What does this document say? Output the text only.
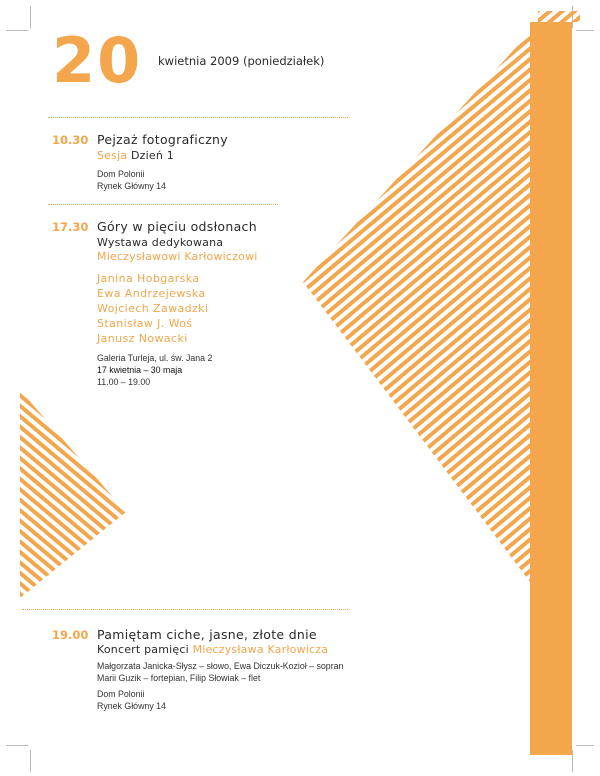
20 kwietnia 2009 (poniedziałek)
10.30 Pejzaż fotograficzny
Sesja Dzień 1
Dom Polonii
Rynek Główny 14
17.30 Góry w pięciu odsłonach
Wystawa dedykowana
Mieczysławowi Karłowiczowi
Janina Hobgarska
Ewa Andrzejewska
Wojciech Zawadzki
Stanisław J. Woś
Janusz Nowacki
Galeria Turleja, ul. św. Jana 2
17 kwietnia – 30 maja
11.00 – 19.00
19.00 Pamiętam ciche, jasne, złote dnie
Koncert pamięci Mieczysława Karłowicza
Małgorzata Janicka-Słysz – słowo, Ewa Diczuk-Kozioł – sopran
Marii Guzik – fortepian, Filip Słowiak – flet
Dom Polonii
Rynek Główny 14
